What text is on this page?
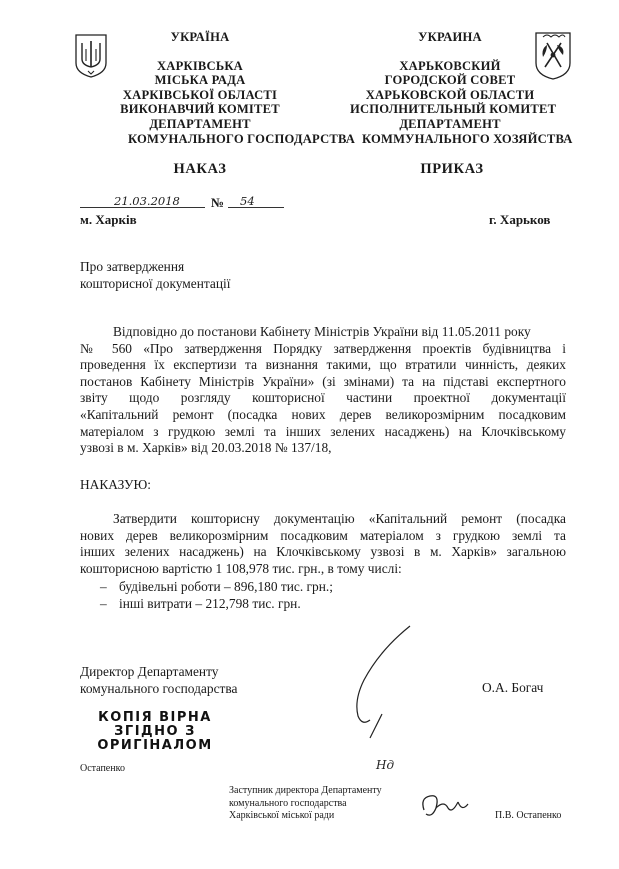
УКРАЇНА
ХАРКІВСЬКА
МІСЬКА РАДА
ХАРКІВСЬКОЇ ОБЛАСТІ
ВИКОНАВЧИЙ КОМІТЕТ
ДЕПАРТАМЕНТ
КОМУНАЛЬНОГО ГОСПОДАРСТВА
УКРАИНА
ХАРЬКОВСКИЙ
ГОРОДСКОЙ СОВЕТ
ХАРЬКОВСКОЙ ОБЛАСТИ
ИСПОЛНИТЕЛЬНЫЙ КОМИТЕТ
ДЕПАРТАМЕНТ
КОММУНАЛЬНОГО ХОЗЯЙСТВА
НАКАЗ	ПРИКАЗ
21.03.2018 № 54
м. Харків	г. Харьков
Про затвердження
кошторисної документації
Відповідно до постанови Кабінету Міністрів України від 11.05.2011 року
№ 560 «Про затвердження Порядку затвердження проектів будівництва і
проведення їх експертизи та визнання такими, що втратили чинність, деяких
постанов Кабінету Міністрів України» (зі змінами) та на підставі експертного
звіту щодо розгляду кошторисної частини проектної документації
«Капітальний ремонт (посадка нових дерев великорозмірним посадковим
матеріалом з грудкою землі та інших зелених насаджень) на Клочківському
узвозі в м. Харків» від 20.03.2018 № 137/18,
НАКАЗУЮ:
Затвердити кошторисну документацію «Капітальний ремонт (посадка
нових дерев великорозмірним посадковим матеріалом з грудкою землі та
інших зелених насаджень) на Клочківському узвозі в м. Харків» загальною
кошторисною вартістю 1 108,978 тис. грн., в тому числі:
– будівельні роботи – 896,180 тис. грн.;
– інші витрати – 212,798 тис. грн.
Директор Департаменту
комунального господарства	О.А. Богач
КОПІЯ ВІРНА
ЗГІДНО З
ОРИГІНАЛОМ
Остапенко	Нд
Заступник директора Департаменту
комунального господарства
Харківської міської ради	П.В. Остапенко
